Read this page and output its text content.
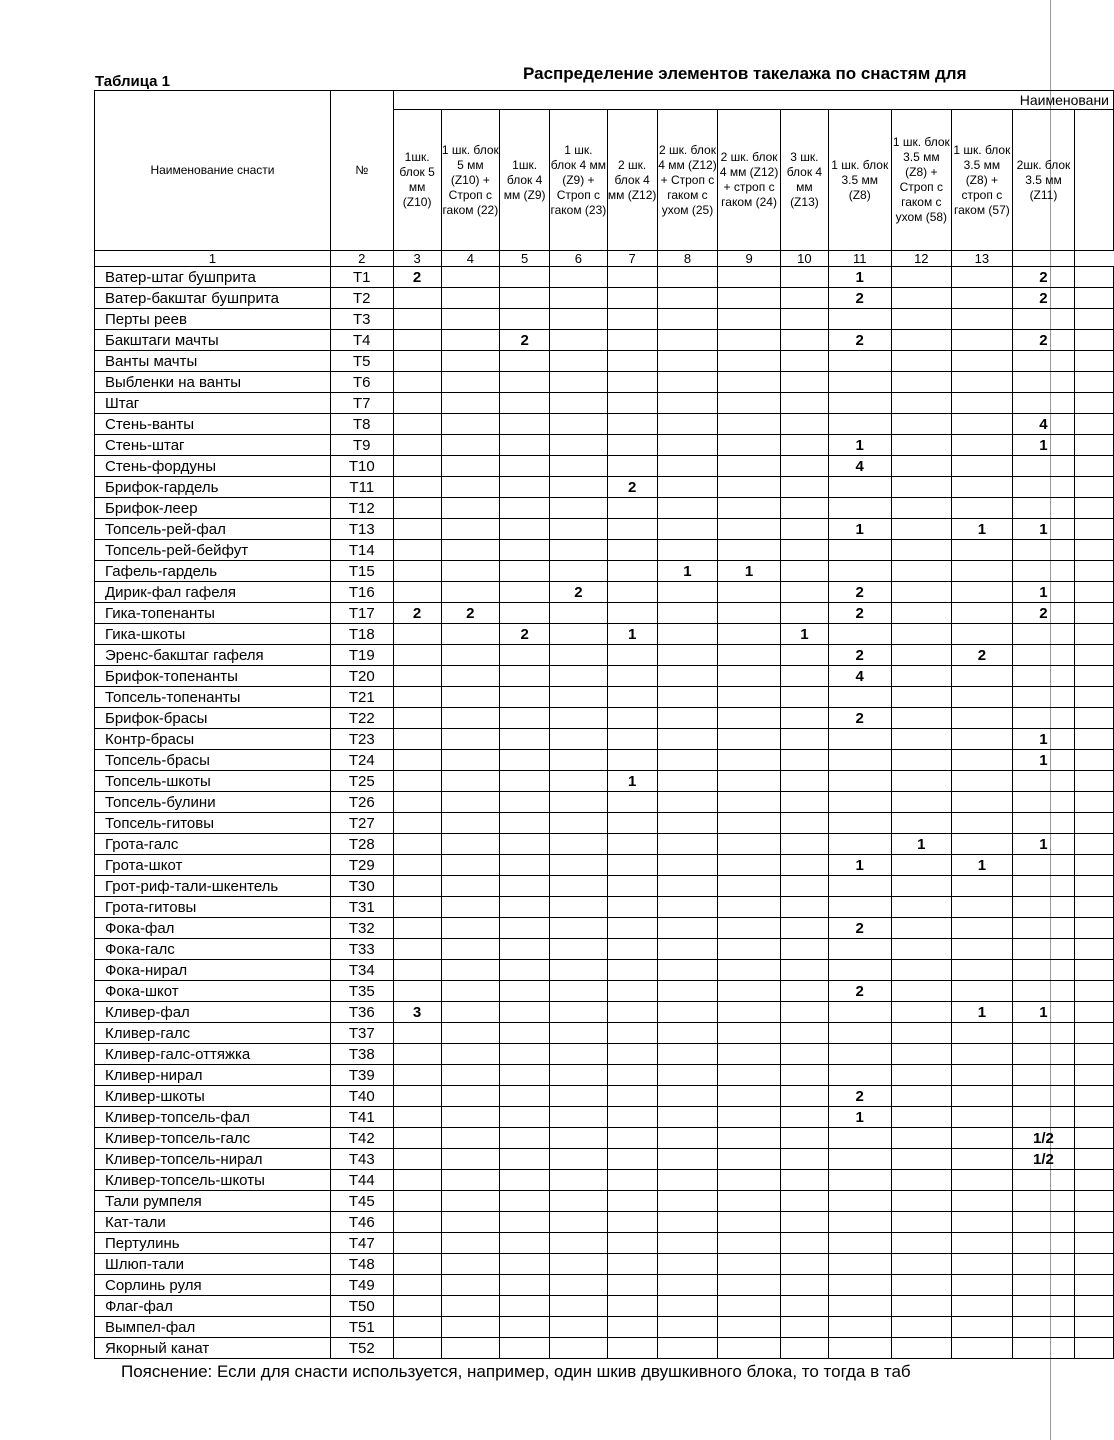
Таблица 1	Распределение элементов такелажа по снастям для
Наименование снасти	№	Наименовани												
		1шк. блок 5 мм (Z10)	1 шк. блок 5 мм (Z10) + Строп с гаком (22)	1шк. блок 4 мм (Z9)	1 шк. блок 4 мм (Z9) + Строп с гаком (23)	2 шк. блок 4 мм (Z12)	2 шк. блок 4 мм (Z12) + Строп с гаком с ухом (25)	2 шк. блок 4 мм (Z12) + строп с гаком (24)	3 шк. блок 4 мм (Z13)	1 шк. блок 3.5 мм (Z8)	1 шк. блок 3.5 мм (Z8) + Строп с гаком с ухом (58)	1 шк. блок 3.5 мм (Z8) + строп с гаком (57)	2шк. блок 3.5 мм (Z11)	
1	2	3	4	5	6	7	8	9	10	11	12	13		
Ватер-штаг бушприта	T1	2								1			2	
Ватер-бакштаг бушприта	T2									2			2	
Перты реев	T3													
Бакштаги мачты	T4			2						2			2	
Ванты мачты	T5													
Выбленки на ванты	T6													
Штаг	T7													
Стень-ванты	T8												4	
Стень-штаг	T9									1			1	
Стень-фордуны	T10									4				
Брифок-гардель	T11					2								
Брифок-леер	T12													
Топсель-рей-фал	T13									1		1	1	
Топсель-рей-бейфут	T14													
Гафель-гардель	T15						1	1						
Дирик-фал гафеля	T16				2					2			1	
Гика-топенанты	T17	2	2							2			2	
Гика-шкоты	T18			2		1			1					
Эренс-бакштаг гафеля	T19									2		2		
Брифок-топенанты	T20									4				
Топсель-топенанты	T21													
Брифок-брасы	T22									2				
Контр-брасы	T23												1	
Топсель-брасы	T24												1	
Топсель-шкоты	T25					1								
Топсель-булини	T26													
Топсель-гитовы	T27													
Грота-галс	T28										1		1	
Грота-шкот	T29									1		1		
Грот-риф-тали-шкентель	T30													
Грота-гитовы	T31													
Фока-фал	T32									2				
Фока-галс	T33													
Фока-нирал	T34													
Фока-шкот	T35									2				
Кливер-фал	T36	3										1	1	
Кливер-галс	T37													
Кливер-галс-оттяжка	T38													
Кливер-нирал	T39													
Кливер-шкоты	T40									2				
Кливер-топсель-фал	T41									1				
Кливер-топсель-галс	T42												1/2	
Кливер-топсель-нирал	T43												1/2	
Кливер-топсель-шкоты	T44													
Тали румпеля	T45													
Кат-тали	T46													
Пертулинь	T47													
Шлюп-тали	T48													
Сорлинь руля	T49													
Флаг-фал	T50													
Вымпел-фал	T51													
Якорный канат	T52													
Пояснение: Если для снасти используется, например, один шкив двушкивного блока, то тогда в таб
